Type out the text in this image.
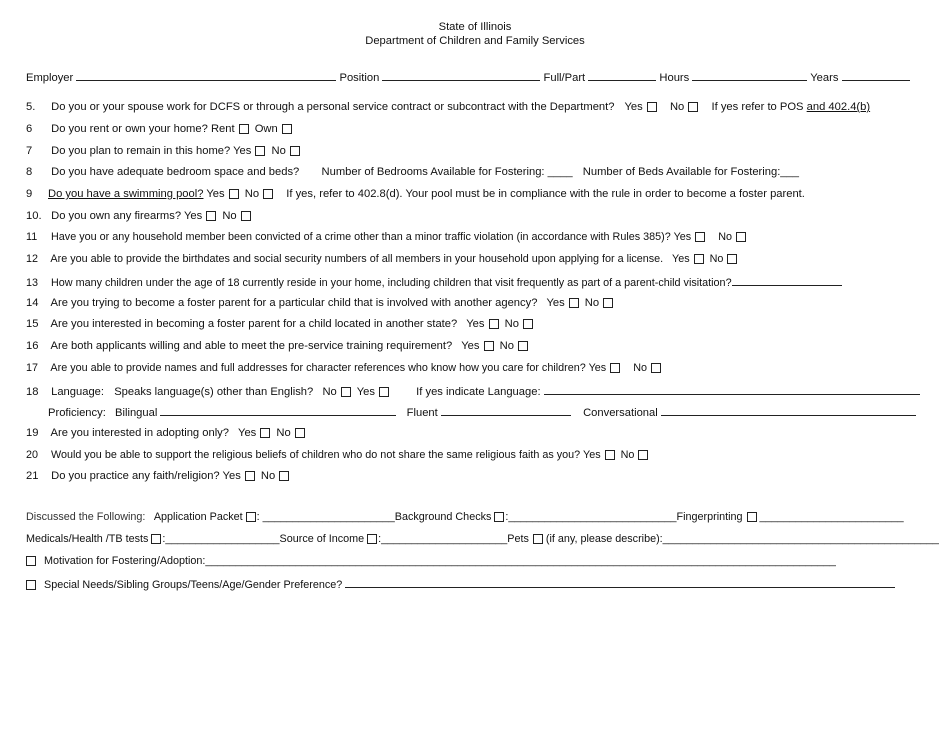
State of Illinois
Department of Children and Family Services
Employer	Position	Full/Part	Hours	Years
5. Do you or your spouse work for DCFS or through a personal service contract or subcontract with the Department? Yes No If yes refer to POS and 402.4(b)
6 Do you rent or own your home? Rent Own
7 Do you plan to remain in this home? Yes No
8 Do you have adequate bedroom space and beds? Number of Bedrooms Available for Fostering: ____ Number of Beds Available for Fostering:___
9 Do you have a swimming pool? Yes No If yes, refer to 402.8(d). Your pool must be in compliance with the rule in order to become a foster parent.
10. Do you own any firearms? Yes No
11 Have you or any household member been convicted of a crime other than a minor traffic violation (in accordance with Rules 385)? Yes	No
12 Are you able to provide the birthdates and social security numbers of all members in your household upon applying for a license. Yes No
13 How many children under the age of 18 currently reside in your home, including children that visit frequently as part of a parent-child visitation?
14 Are you trying to become a foster parent for a particular child that is involved with another agency? Yes No
15 Are you interested in becoming a foster parent for a child located in another state? Yes No
16 Are both applicants willing and able to meet the pre-service training requirement? Yes No
17 Are you able to provide names and full addresses for character references who know how you care for children? Yes	No
18 Language: Speaks language(s) other than English? No Yes	If yes indicate Language:
Proficiency: Bilingual	Fluent	Conversational
19 Are you interested in adopting only? Yes No
20 Would you be able to support the religious beliefs of children who do not share the same religious faith as you? Yes No
21 Do you practice any faith/religion? Yes No
Discussed the Following: Application Packet : ______________________Background Checks :____________________________Fingerprinting ________________________
Medicals/Health /TB tests :___________________Source of Income :_____________________Pets (if any, please describe):______________________________________________
Motivation for Fostering/Adoption:_________________________________________________________________________________________________________
Special Needs/Sibling Groups/Teens/Age/Gender Preference?
